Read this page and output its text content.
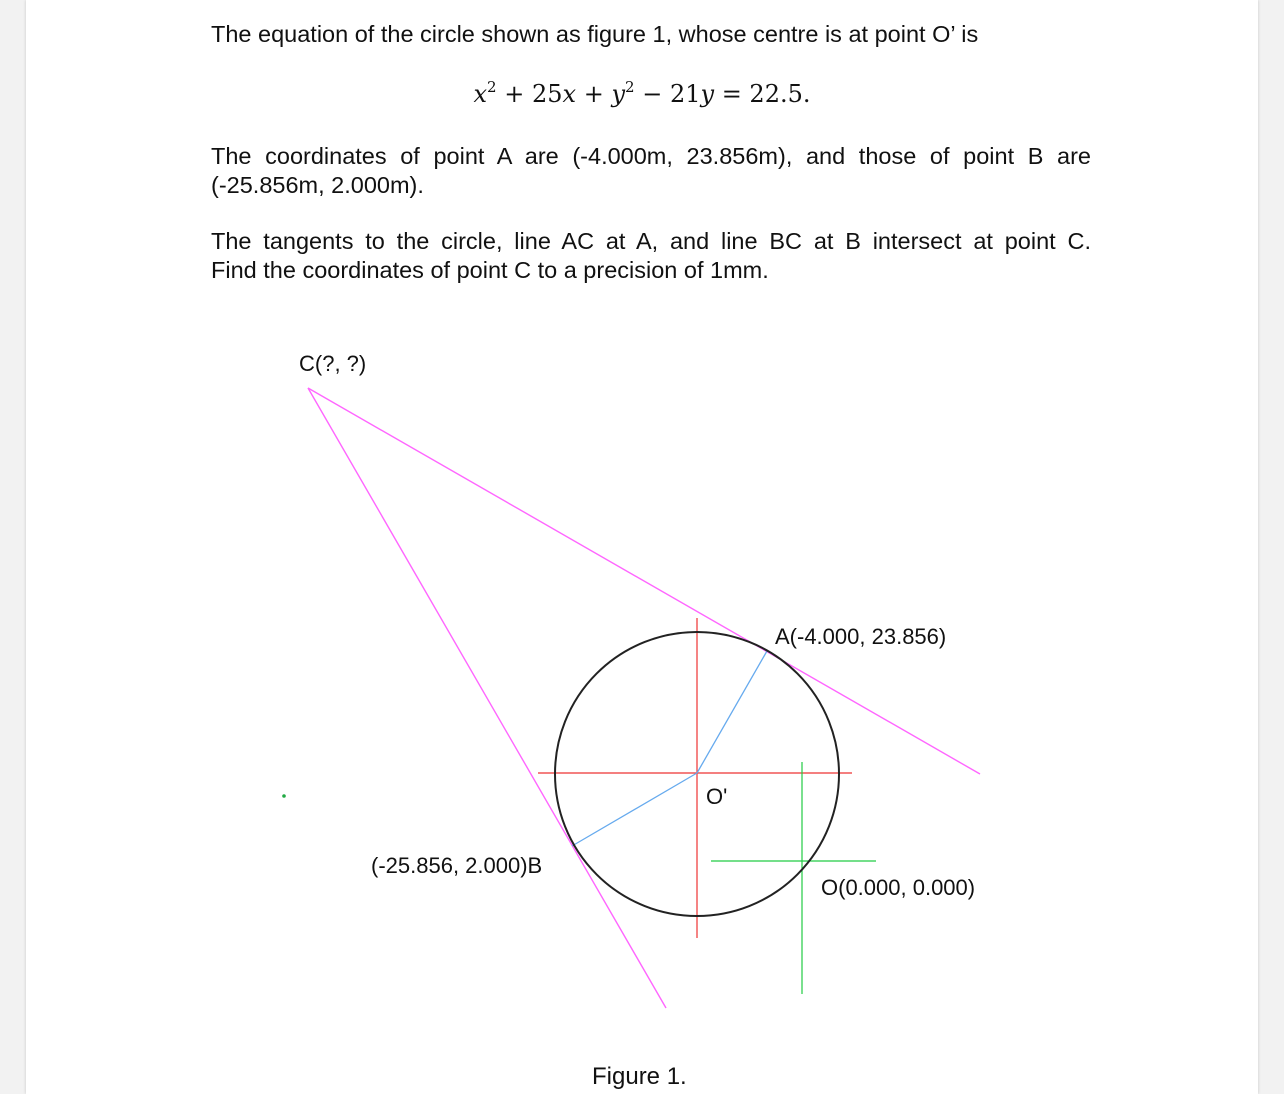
The equation of the circle shown as figure 1, whose centre is at point O’ is

$x^2 + 25x + y^2 - 21y = 22.5$.

The coordinates of point A are (-4.000m, 23.856m), and those of point B are
(-25.856m, 2.000m).

The tangents to the circle, line AC at A, and line BC at B intersect at point C.
Find the coordinates of point C to a precision of 1mm.

C(?, ?)
A(-4.000, 23.856)
(-25.856, 2.000)B
O'
O(0.000, 0.000)
Figure 1.
